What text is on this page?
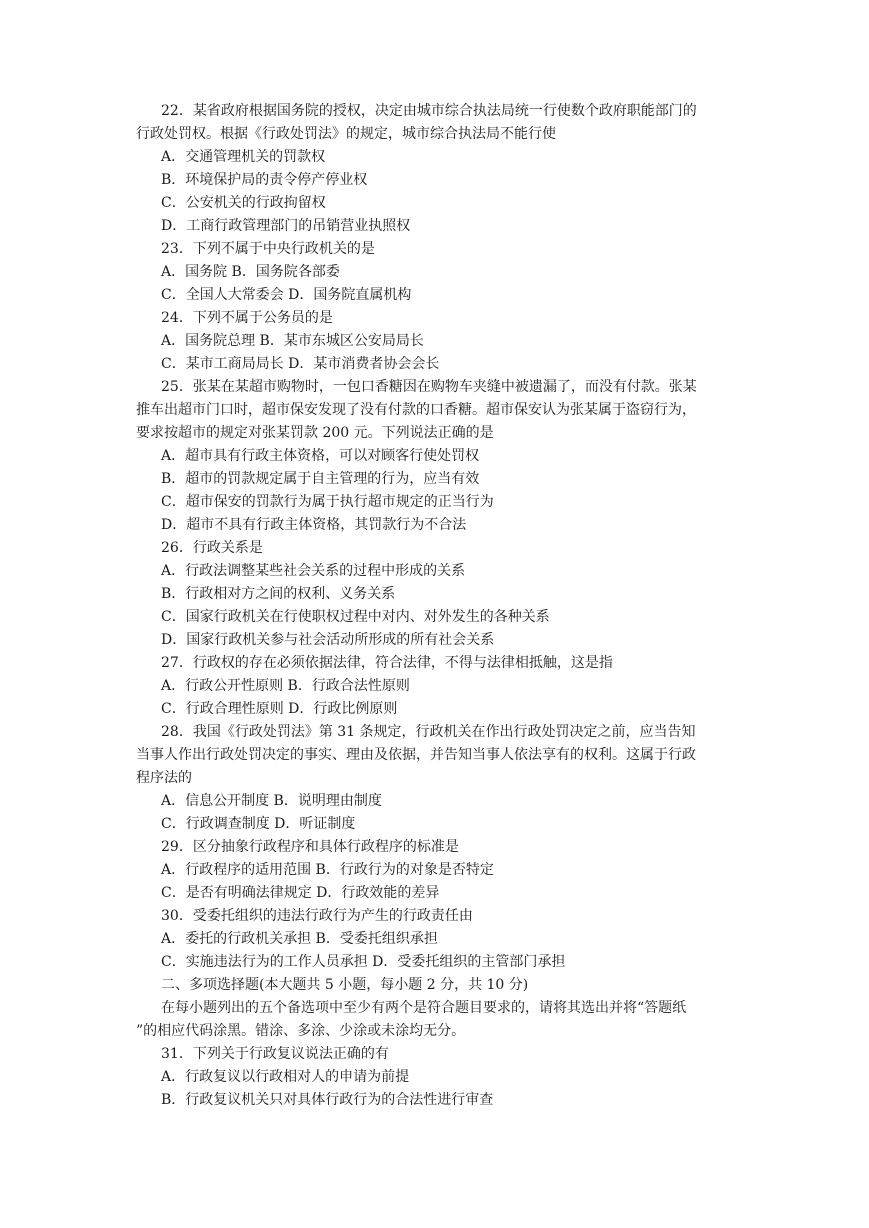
22．某省政府根据国务院的授权，决定由城市综合执法局统一行使数个政府职能部门的
行政处罚权。根据《行政处罚法》的规定，城市综合执法局不能行使
A．交通管理机关的罚款权
B．环境保护局的责令停产停业权
C．公安机关的行政拘留权
D．工商行政管理部门的吊销营业执照权
23．下列不属于中央行政机关的是
A．国务院 B．国务院各部委
C．全国人大常委会 D．国务院直属机构
24．下列不属于公务员的是
A．国务院总理 B．某市东城区公安局局长
C．某市工商局局长 D．某市消费者协会会长
25．张某在某超市购物时，一包口香糖因在购物车夹缝中被遗漏了，而没有付款。张某
推车出超市门口时，超市保安发现了没有付款的口香糖。超市保安认为张某属于盗窃行为，
要求按超市的规定对张某罚款 200 元。下列说法正确的是
A．超市具有行政主体资格，可以对顾客行使处罚权
B．超市的罚款规定属于自主管理的行为，应当有效
C．超市保安的罚款行为属于执行超市规定的正当行为
D．超市不具有行政主体资格，其罚款行为不合法
26．行政关系是
A．行政法调整某些社会关系的过程中形成的关系
B．行政相对方之间的权利、义务关系
C．国家行政机关在行使职权过程中对内、对外发生的各种关系
D．国家行政机关参与社会活动所形成的所有社会关系
27．行政权的存在必须依据法律，符合法律，不得与法律相抵触，这是指
A．行政公开性原则 B．行政合法性原则
C．行政合理性原则 D．行政比例原则
28．我国《行政处罚法》第 31 条规定，行政机关在作出行政处罚决定之前，应当告知
当事人作出行政处罚决定的事实、理由及依据，并告知当事人依法享有的权利。这属于行政
程序法的
A．信息公开制度 B．说明理由制度
C．行政调查制度 D．听证制度
29．区分抽象行政程序和具体行政程序的标准是
A．行政程序的适用范围 B．行政行为的对象是否特定
C．是否有明确法律规定 D．行政效能的差异
30．受委托组织的违法行政行为产生的行政责任由
A．委托的行政机关承担 B．受委托组织承担
C．实施违法行为的工作人员承担 D．受委托组织的主管部门承担
二、多项选择题(本大题共 5 小题，每小题 2 分，共 10 分)
在每小题列出的五个备选项中至少有两个是符合题目要求的，请将其选出并将“答题纸
”的相应代码涂黑。错涂、多涂、少涂或未涂均无分。
31．下列关于行政复议说法正确的有
A．行政复议以行政相对人的申请为前提
B．行政复议机关只对具体行政行为的合法性进行审查
